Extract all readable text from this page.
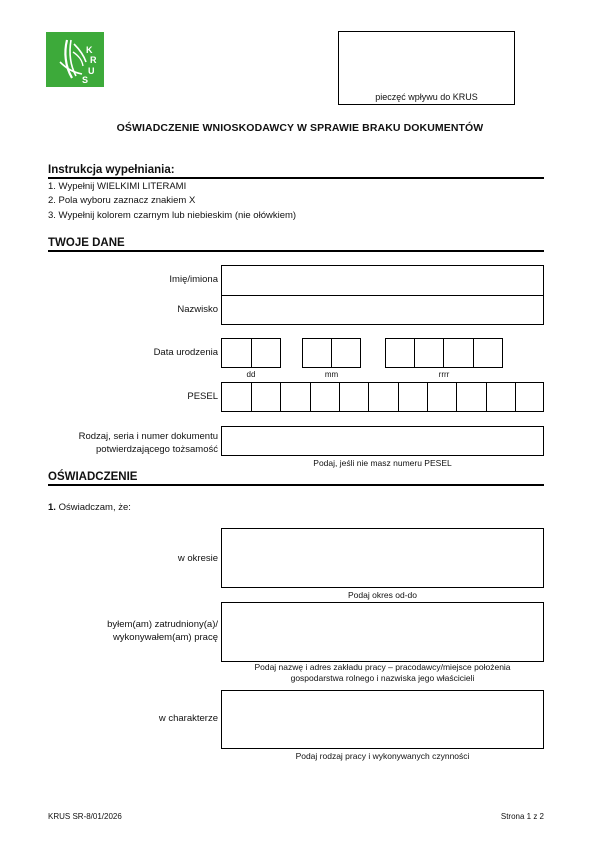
K
R
U
S
pieczęć wpływu do KRUS
OŚWIADCZENIE WNIOSKODAWCY W SPRAWIE BRAKU DOKUMENTÓW
Instrukcja wypełniania:
1. Wypełnij WIELKIMI LITERAMI
2. Pola wyboru zaznacz znakiem X
3. Wypełnij kolorem czarnym lub niebieskim (nie ołówkiem)
TWOJE DANE
Imię/imiona
Nazwisko
Data urodzenia
dd	mm	rrrr
PESEL
Rodzaj, seria i numer dokumentu
potwierdzającego tożsamość
Podaj, jeśli nie masz numeru PESEL
OŚWIADCZENIE
1. Oświadczam, że:
w okresie
Podaj okres od-do
byłem(am) zatrudniony(a)/
wykonywałem(am) pracę
Podaj nazwę i adres zakładu pracy – pracodawcy/miejsce położenia
gospodarstwa rolnego i nazwiska jego właścicieli
w charakterze
Podaj rodzaj pracy i wykonywanych czynności
KRUS SR-8/01/2026	Strona 1 z 2
